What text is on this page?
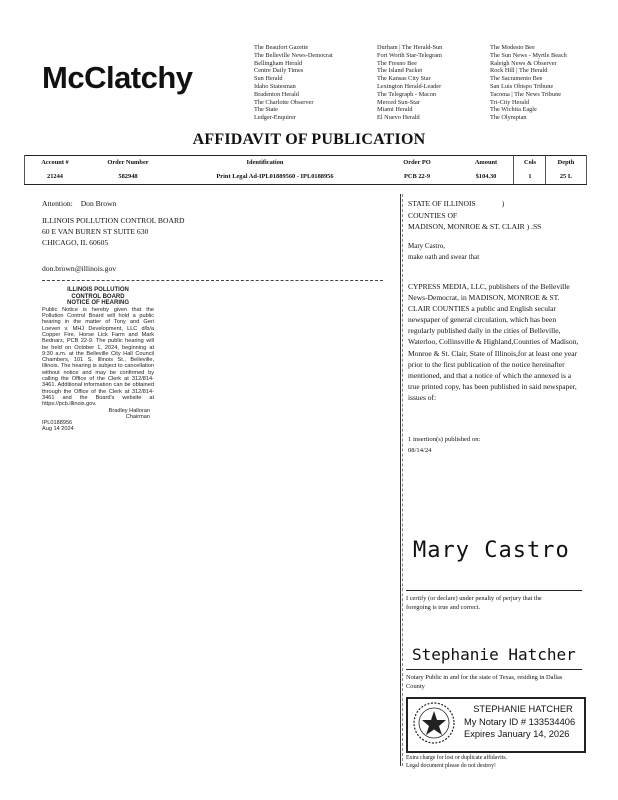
McClatchy
The Beaufort Gazette
The Belleville News-Democrat
Bellingham Herald
Centre Daily Times
Sun Herald
Idaho Statesman
Bradenton Herald
The Charlotte Observer
The State
Ledger-Enquirer
Durham | The Herald-Sun
Fort Worth Star-Telegram
The Fresno Bee
The Island Packet
The Kansas City Star
Lexington Herald-Leader
The Telegraph - Macon
Merced Sun-Star
Miami Herald
El Nuevo Herald
The Modesto Bee
The Sun News - Myrtle Beach
Raleigh News & Observer
Rock Hill | The Herald
The Sacramento Bee
San Luis Obispo Tribune
Tacoma | The News Tribune
Tri-City Herald
The Wichita Eagle
The Olympian
AFFIDAVIT OF PUBLICATION
Account #	Order Number	Identification	Order PO	Amount	Cols	Depth
21244	582948	Print Legal Ad-IPL01889560 - IPL0188956	PCB 22-9	$104.30	1	25 L
Attention: Don Brown
ILLINOIS POLLUTION CONTROL BOARD
60 E VAN BUREN ST SUITE 630
CHICAGO, IL 60605
don.brown@illinois.gov
ILLINOIS POLLUTION
CONTROL BOARD
NOTICE OF HEARING
Public Notice is hereby given that the Pollution Control Board will hold a public hearing in the matter of Tony and Geri Loeven v. MHJ Development, LLC d/b/a Copper Fire, Horse Lick Farm and Mark Bednarz, PCB 22-9. The public hearing will be held on October 1, 2024, beginning at 9:30 a.m. at the Belleville City Hall Council Chambers, 101 S. Illinois St., Belleville, Illinois. The hearing is subject to cancellation without notice and may be confirmed by calling the Office of the Clerk at 312/814-3461. Additional information can be obtained through the Office of the Clerk at 312/814-3461 and the Board's website at https://pcb.illinois.gov.
Bradley Halloran
Chairman
IPL0188956
Aug 14 2024
STATE OF ILLINOIS	)
COUNTIES OF
MADISON, MONROE & ST. CLAIR ) .SS
Mary Castro,
make oath and swear that
CYPRESS MEDIA, LLC, publishers of the Belleville News-Democrat, in MADISON, MONROE & ST. CLAIR COUNTIES a public and English secular newspaper of general circulation, which has been regularly published daily in the cities of Belleville, Waterloo, Collinsville & Highland,Counties of Madison, Monroe & St. Clair, State of Illinois,for at least one year prior to the first publication of the notice hereinafter mentioned, and that a notice of which the annexed is a true printed copy, has been published in said newspaper, issues of:
1 insertion(s) published on:
08/14/24
Mary Castro
I certify (or declare) under penalty of perjury that the foregoing is true and correct.
Stephanie Hatcher
Notary Public in and for the state of Texas, residing in Dallas County
STEPHANIE HATCHER
My Notary ID # 133534406
Expires January 14, 2026
Extra charge for lost or duplicate affidavits.
Legal document please do not destroy!
